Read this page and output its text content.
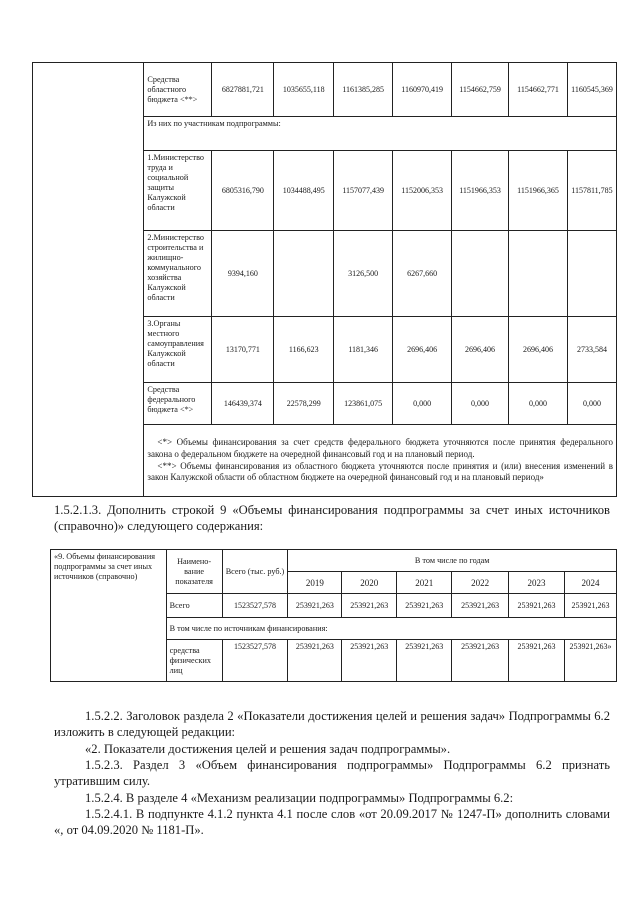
	Средства областного бюджета <**>	6827881,721	1035655,118	1161385,285	1160970,419	1154662,759	1154662,771	1160545,369
	Из них по участникам подпрограммы:							
	1.Министерство труда и социальной защиты Калужской области	6805316,790	1034488,495	1157077,439	1152006,353	1151966,353	1151966,365	1157811,785
	2.Министерство строительства и жилищно-коммунального хозяйства Калужской области	9394,160		3126,500	6267,660			
	3.Органы местного самоуправления Калужской области	13170,771	1166,623	1181,346	2696,406	2696,406	2696,406	2733,584
	Средства федерального бюджета <*>	146439,374	22578,299	123861,075	0,000	0,000	0,000	0,000

	<*> Объемы финансирования за счет средств федерального бюджета уточняются после принятия федерального закона о федеральном бюджете на очередной финансовый год и на плановый период.

<**> Объемы финансирования из областного бюджета уточняются после принятия и (или) внесения изменений в закон Калужской области об областном бюджете на очередной финансовый год и на плановый период»							

1.5.2.1.3. Дополнить строкой 9 «Объемы финансирования подпрограммы за счет иных источников (справочно)» следующего содержания:

«9. Объемы финансирования подпрограммы за счет иных источников (справочно)	Наимено-вание показателя	Всего (тыс. руб.)	В том числе по годам					
			2019	2020	2021	2022	2023	2024
	Всего	1523527,578	253921,263	253921,263	253921,263	253921,263	253921,263	253921,263
	В том числе по источникам финансирования:							
	средства физических лиц	1523527,578	253921,263	253921,263	253921,263	253921,263	253921,263	253921,263»

1.5.2.2. Заголовок раздела 2 «Показатели достижения целей и решения задач» Подпрограммы 6.2 изложить в следующей редакции:

«2. Показатели достижения целей и решения задач подпрограммы».

1.5.2.3. Раздел 3 «Объем финансирования подпрограммы» Подпрограммы 6.2 признать утратившим силу.

1.5.2.4. В разделе 4 «Механизм реализации подпрограммы» Подпрограммы 6.2:

1.5.2.4.1. В подпункте 4.1.2 пункта 4.1 после слов «от 20.09.2017 № 1247-П» дополнить словами «, от 04.09.2020 № 1181-П».
